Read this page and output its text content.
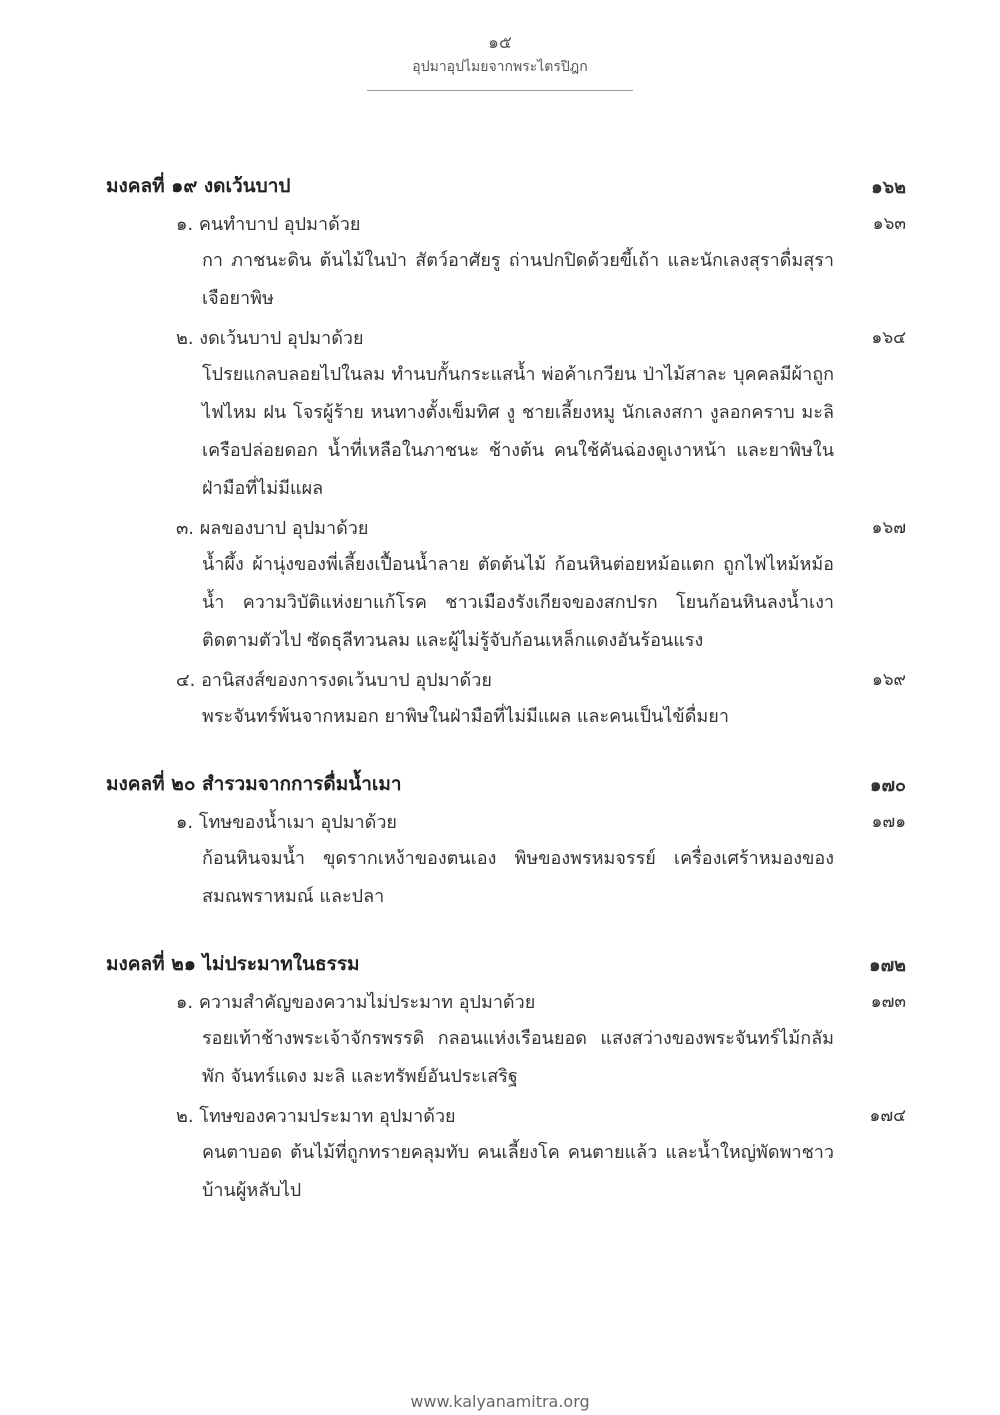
๑๕
อุปมาอุปไมยจากพระไตรปิฎก
มงคลที่ ๑๙ งดเว้นบาป	๑๖๒
๑. คนทำบาป อุปมาด้วย	๑๖๓
กา ภาชนะดิน ต้นไม้ในป่า สัตว์อาศัยรู ถ่านปกปิดด้วยขี้เถ้า และนักเลงสุราดื่มสุราเจือยาพิษ
๒. งดเว้นบาป อุปมาด้วย	๑๖๔
โปรยแกลบลอยไปในลม ทำนบกั้นกระแสน้ำ พ่อค้าเกวียน ป่าไม้สาละ บุคคลมีผ้าถูกไฟไหม ฝน โจรผู้ร้าย หนทางตั้งเข็มทิศ งู ชายเลี้ยงหมู นักเลงสกา งูลอกคราบ มะลิเครือปล่อยดอก น้ำที่เหลือในภาชนะ ช้างต้น คนใช้คันฉ่องดูเงาหน้า และยาพิษในฝ่ามือที่ไม่มีแผล
๓. ผลของบาป อุปมาด้วย	๑๖๗
น้ำผึ้ง ผ้านุ่งของพี่เลี้ยงเปื้อนน้ำลาย ตัดต้นไม้ ก้อนหินต่อยหม้อแตก ถูกไฟไหม้หม้อน้ำ ความวิบัติแห่งยาแก้โรค ชาวเมืองรังเกียจของสกปรก โยนก้อนหินลงน้ำเงาติดตามตัวไป ซัดธุลีทวนลม และผู้ไม่รู้จับก้อนเหล็กแดงอันร้อนแรง
๔. อานิสงส์ของการงดเว้นบาป อุปมาด้วย	๑๖๙
พระจันทร์พ้นจากหมอก ยาพิษในฝ่ามือที่ไม่มีแผล และคนเป็นไข้ดื่มยา
มงคลที่ ๒๐ สำรวมจากการดื่มน้ำเมา	๑๗๐
๑. โทษของน้ำเมา อุปมาด้วย	๑๗๑
ก้อนหินจมน้ำ ขุดรากเหง้าของตนเอง พิษของพรหมจรรย์ เครื่องเศร้าหมองของสมณพราหมณ์ และปลา
มงคลที่ ๒๑ ไม่ประมาทในธรรม	๑๗๒
๑. ความสำคัญของความไม่ประมาท อุปมาด้วย	๑๗๓
รอยเท้าช้างพระเจ้าจักรพรรดิ กลอนแห่งเรือนยอด แสงสว่างของพระจันทร์ไม้กลัมพัก จันทร์แดง มะลิ และทรัพย์อันประเสริฐ
๒. โทษของความประมาท อุปมาด้วย	๑๗๔
คนตาบอด ต้นไม้ที่ถูกทรายคลุมทับ คนเลี้ยงโค คนตายแล้ว และน้ำใหญ่พัดพาชาวบ้านผู้หลับไป
www.kalyanamitra.org
